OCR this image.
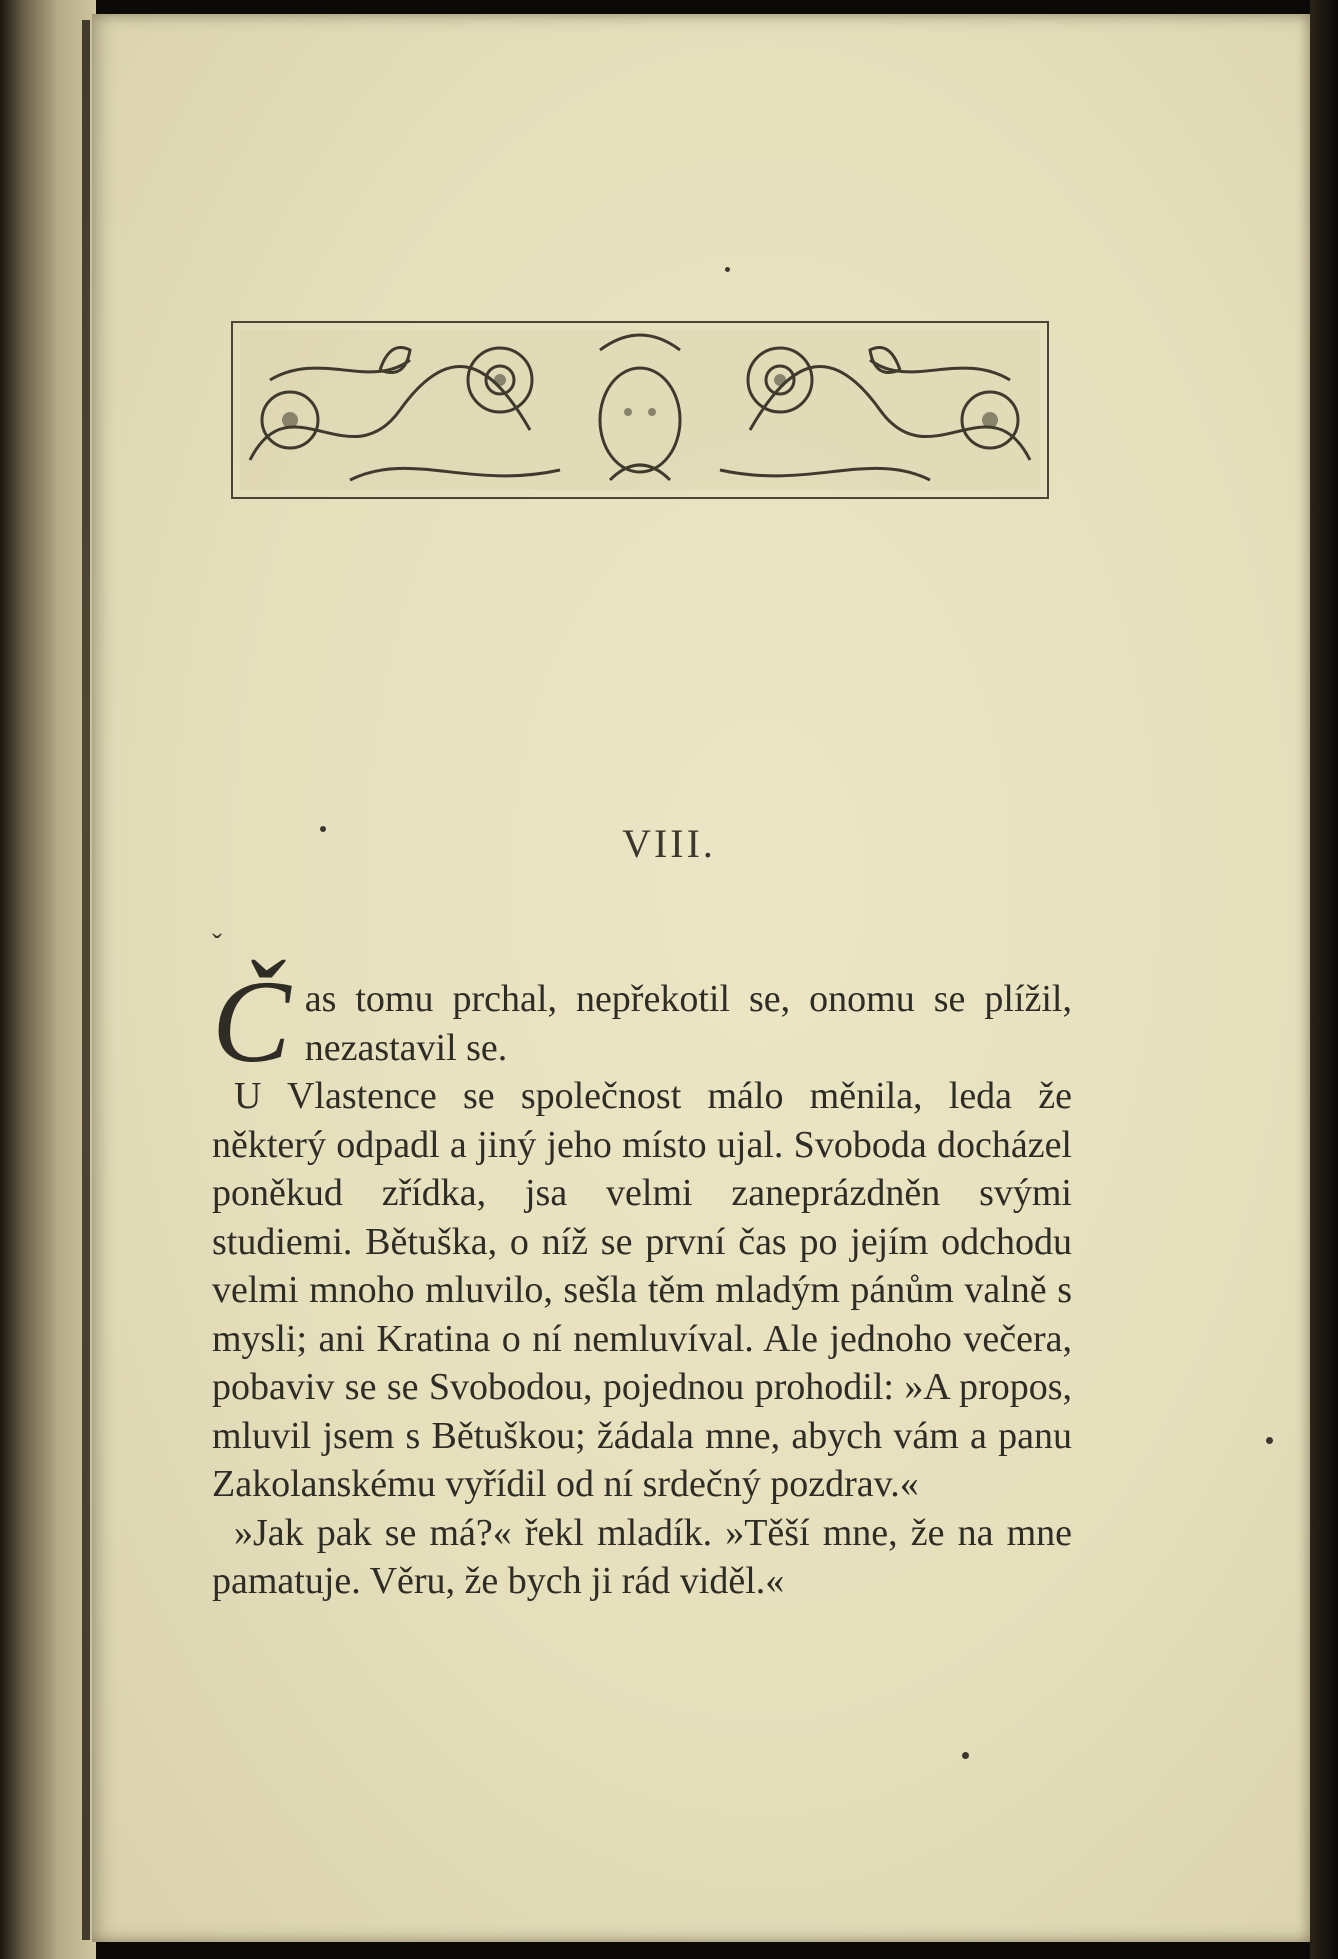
VIII.
ˇ

Č as tomu prchal, nepřekotil se, onomu se plížil, nezastavil se.

U Vlastence se společnost málo měnila, leda že některý odpadl a jiný jeho místo ujal. Svoboda docházel poněkud zřídka, jsa velmi zaneprázdněn svými studiemi. Bětuška, o níž se první čas po jejím odchodu velmi mnoho mluvilo, sešla těm mladým pánům valně s mysli; ani Kratina o ní nemluvíval. Ale jednoho večera, pobaviv se se Svobodou, pojednou prohodil: »A propos, mluvil jsem s Bětuškou; žádala mne, abych vám a panu Zakolanskému vyřídil od ní srdečný pozdrav.«

»Jak pak se má?« řekl mladík. »Těší mne, že na mne pamatuje. Věru, že bych ji rád viděl.«
